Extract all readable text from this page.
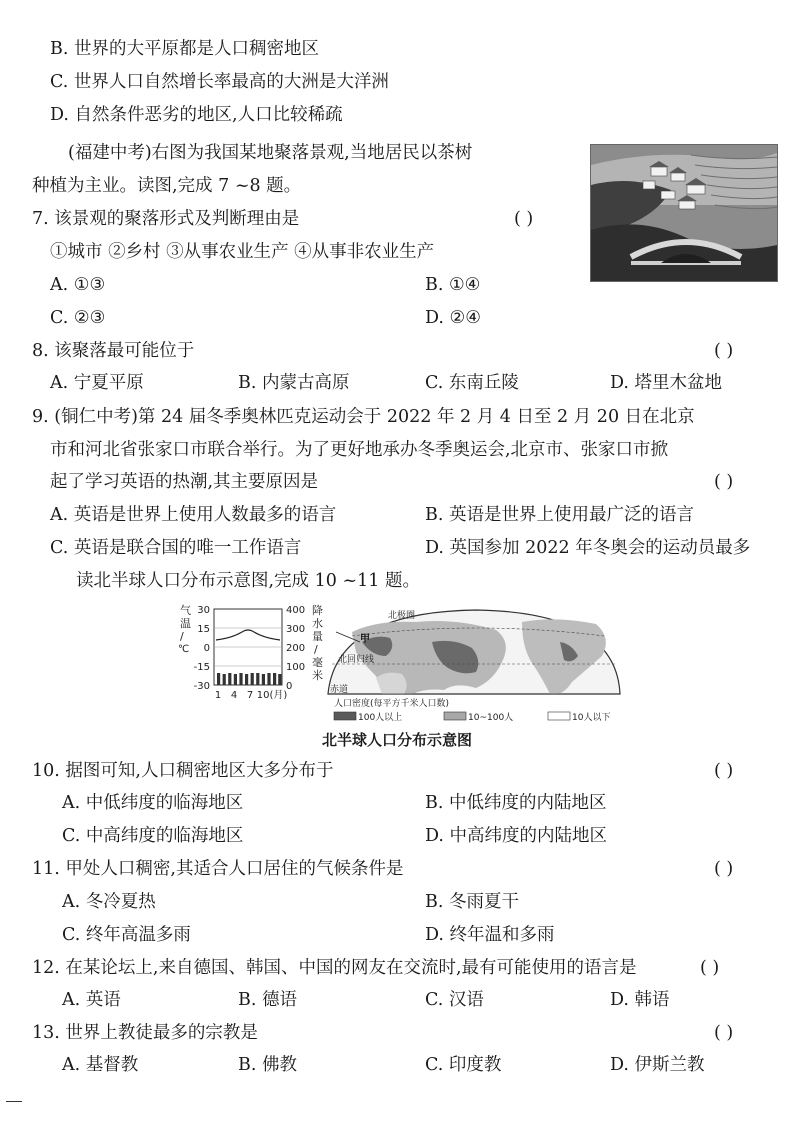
B. 世界的大平原都是人口稠密地区
C. 世界人口自然增长率最高的大洲是大洋洲
D. 自然条件恶劣的地区,人口比较稀疏
(福建中考)右图为我国某地聚落景观,当地居民以茶树
种植为主业。读图,完成 7 ~8 题。
7. 该景观的聚落形式及判断理由是	( )
①城市 ②乡村 ③从事农业生产 ④从事非农业生产
A. ①③	B. ①④
C. ②③	D. ②④
8. 该聚落最可能位于	( )
A. 宁夏平原	B. 内蒙古高原	C. 东南丘陵	D. 塔里木盆地
9. (铜仁中考)第 24 届冬季奥林匹克运动会于 2022 年 2 月 4 日至 2 月 20 日在北京
市和河北省张家口市联合举行。为了更好地承办冬季奥运会,北京市、张家口市掀
起了学习英语的热潮,其主要原因是	( )
A. 英语是世界上使用人数最多的语言	B. 英语是世界上使用最广泛的语言
C. 英语是联合国的唯一工作语言	D. 英国参加 2022 年冬奥会的运动员最多
读北半球人口分布示意图,完成 10 ~11 题。
气
温
/
℃
30
15
0
-15
-30
1 4 7 10(月)
400
300
200
100
0
降
水
量
/
毫
米
北极圈
北回归线
赤道
甲
人口密度(每平方千米人口数)
100人以上	10~100人	10人以下
北半球人口分布示意图
10. 据图可知,人口稠密地区大多分布于	( )
A. 中低纬度的临海地区	B. 中低纬度的内陆地区
C. 中高纬度的临海地区	D. 中高纬度的内陆地区
11. 甲处人口稠密,其适合人口居住的气候条件是	( )
A. 冬冷夏热	B. 冬雨夏干
C. 终年高温多雨	D. 终年温和多雨
12. 在某论坛上,来自德国、韩国、中国的网友在交流时,最有可能使用的语言是	( )
A. 英语	B. 德语	C. 汉语	D. 韩语
13. 世界上教徒最多的宗教是	( )
A. 基督教	B. 佛教	C. 印度教	D. 伊斯兰教
